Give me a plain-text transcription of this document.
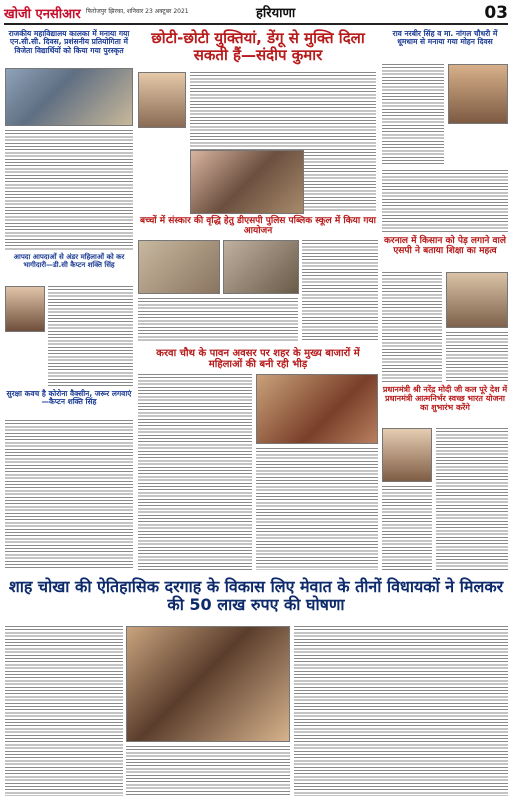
खोजी एनसीआर फिरोजपुर झिरका, शनिवार 23 अक्टूबर 2021	हरियाणा	03
राजकीय महाविद्यालय कालका में मनाया गया एन.सी.सी. दिवस, प्रशंसनीय प्रतियोगिता में विजेता विद्यार्थियों को किया गया पुरस्कृत
छोटी-छोटी युक्तियां, डेंगू से मुक्ति दिला सकती हैं—संदीप कुमार
राव नरबीर सिंह व मा. नांगल चौधरी में धूमधाम से मनाया गया मोहन दिवस
आपदा आपदाओं से अंडर महिलाओं को कर भागीदारी—डी.सी कैप्टन शक्ति सिंह
बच्चों में संस्कार की वृद्धि हेतु डीएसपी पुलिस पब्लिक स्कूल में किया गया आयोजन
करनाल में किसान को पेड़ लगाने वाले एसपी ने बताया शिक्षा का महत्व
सुरक्षा कवच है कोरोना वैक्सीन, जरूर लगवाएं—कैप्टन शक्ति सिंह
करवा चौथ के पावन अवसर पर शहर के मुख्य बाजारों में महिलाओं की बनी रही भीड़
प्रधानमंत्री श्री नरेंद्र मोदी जी कल पूरे देश में प्रधानमंत्री आत्मनिर्भर स्वच्छ भारत योजना का शुभारंभ करेंगे
शाह चोखा की ऐतिहासिक दरगाह के विकास लिए मेवात के तीनों विधायकों ने मिलकर की 50 लाख रुपए की घोषणा
